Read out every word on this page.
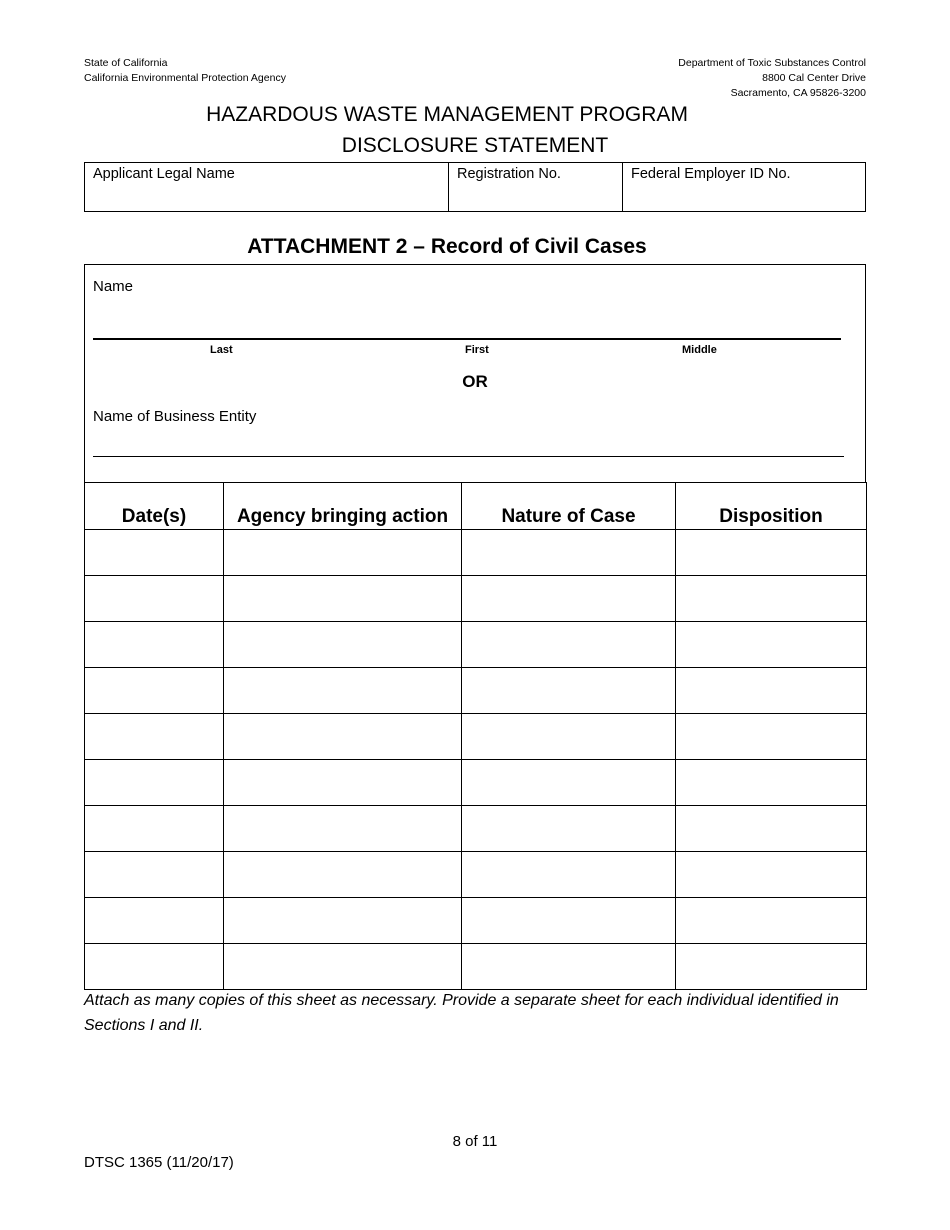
State of California
California Environmental Protection Agency
Department of Toxic Substances Control
8800 Cal Center Drive
Sacramento, CA 95826-3200
HAZARDOUS WASTE MANAGEMENT PROGRAM
DISCLOSURE STATEMENT
Applicant Legal Name	Registration No.	Federal Employer ID No.
ATTACHMENT 2 – Record of Civil Cases
Name
Last	First	Middle
OR
Name of Business Entity
Date(s)	Agency bringing action	Nature of Case	Disposition

Attach as many copies of this sheet as necessary. Provide a separate sheet for each individual identified in Sections I and II.
8 of 11
DTSC 1365 (11/20/17)
